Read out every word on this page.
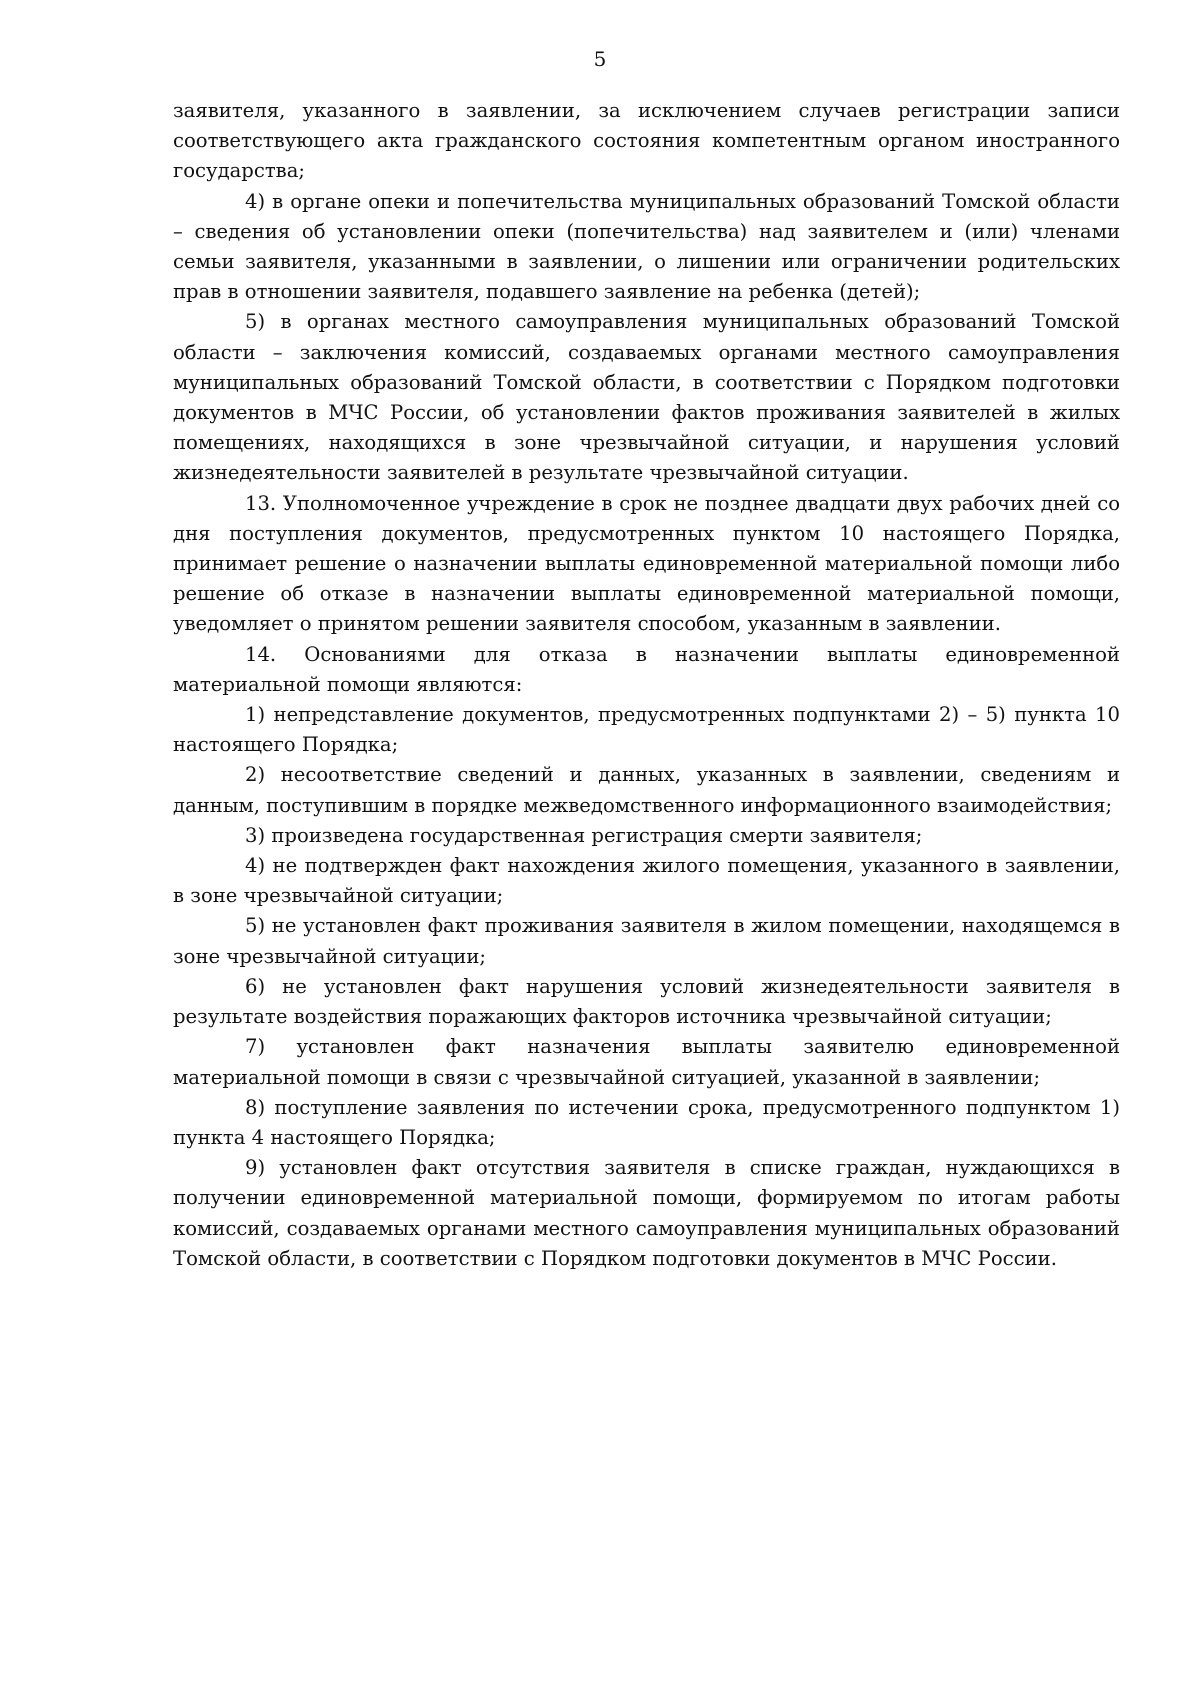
5

заявителя, указанного в заявлении, за исключением случаев регистрации записи соответствующего акта гражданского состояния компетентным органом иностранного государства;

4) в органе опеки и попечительства муниципальных образований Томской области – сведения об установлении опеки (попечительства) над заявителем и (или) членами семьи заявителя, указанными в заявлении, о лишении или ограничении родительских прав в отношении заявителя, подавшего заявление на ребенка (детей);

5) в органах местного самоуправления муниципальных образований Томской области – заключения комиссий, создаваемых органами местного самоуправления муниципальных образований Томской области, в соответствии с Порядком подготовки документов в МЧС России, об установлении фактов проживания заявителей в жилых помещениях, находящихся в зоне чрезвычайной ситуации, и нарушения условий жизнедеятельности заявителей в результате чрезвычайной ситуации.

13. Уполномоченное учреждение в срок не позднее двадцати двух рабочих дней со дня поступления документов, предусмотренных пунктом 10 настоящего Порядка, принимает решение о назначении выплаты единовременной материальной помощи либо решение об отказе в назначении выплаты единовременной материальной помощи, уведомляет о принятом решении заявителя способом, указанным в заявлении.

14. Основаниями для отказа в назначении выплаты единовременной материальной помощи являются:

1) непредставление документов, предусмотренных подпунктами 2) – 5) пункта 10 настоящего Порядка;

2) несоответствие сведений и данных, указанных в заявлении, сведениям и данным, поступившим в порядке межведомственного информационного взаимодействия;

3) произведена государственная регистрация смерти заявителя;

4) не подтвержден факт нахождения жилого помещения, указанного в заявлении, в зоне чрезвычайной ситуации;

5) не установлен факт проживания заявителя в жилом помещении, находящемся в зоне чрезвычайной ситуации;

6) не установлен факт нарушения условий жизнедеятельности заявителя в результате воздействия поражающих факторов источника чрезвычайной ситуации;

7) установлен факт назначения выплаты заявителю единовременной материальной помощи в связи с чрезвычайной ситуацией, указанной в заявлении;

8) поступление заявления по истечении срока, предусмотренного подпунктом 1) пункта 4 настоящего Порядка;

9) установлен факт отсутствия заявителя в списке граждан, нуждающихся в получении единовременной материальной помощи, формируемом по итогам работы комиссий, создаваемых органами местного самоуправления муниципальных образований Томской области, в соответствии с Порядком подготовки документов в МЧС России.
